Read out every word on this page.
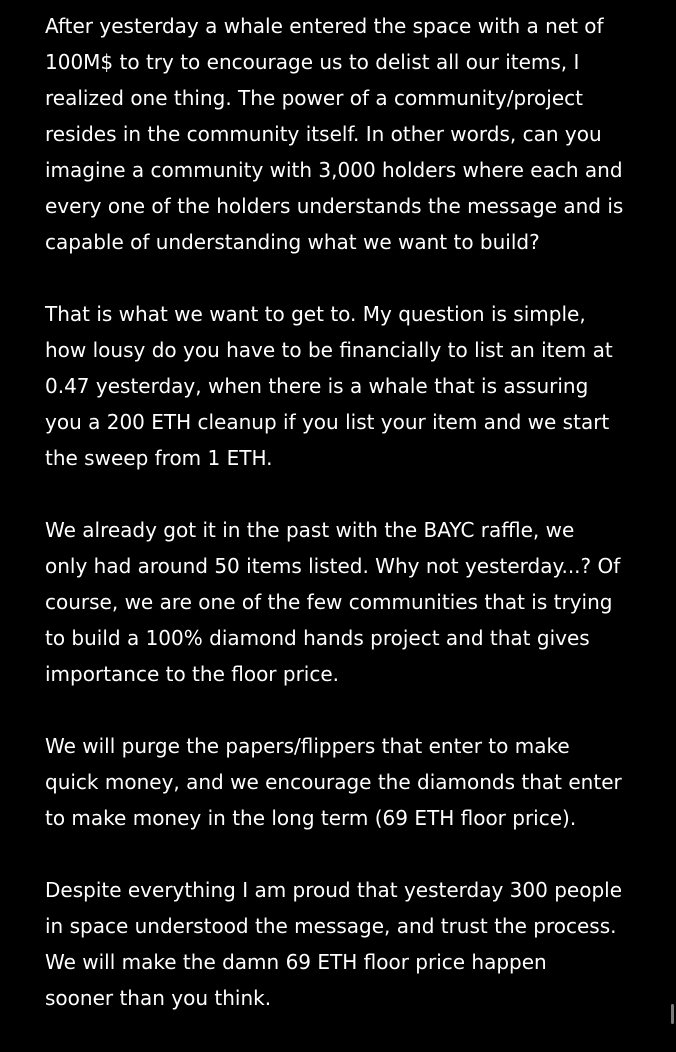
After yesterday a whale entered the space with a net of
100M$ to try to encourage us to delist all our items, I
realized one thing. The power of a community/project
resides in the community itself. In other words, can you
imagine a community with 3,000 holders where each and
every one of the holders understands the message and is
capable of understanding what we want to build?

That is what we want to get to. My question is simple,
how lousy do you have to be financially to list an item at
0.47 yesterday, when there is a whale that is assuring
you a 200 ETH cleanup if you list your item and we start
the sweep from 1 ETH.

We already got it in the past with the BAYC raffle, we
only had around 50 items listed. Why not yesterday...? Of
course, we are one of the few communities that is trying
to build a 100% diamond hands project and that gives
importance to the floor price.

We will purge the papers/flippers that enter to make
quick money, and we encourage the diamonds that enter
to make money in the long term (69 ETH floor price).

Despite everything I am proud that yesterday 300 people
in space understood the message, and trust the process.
We will make the damn 69 ETH floor price happen
sooner than you think.
